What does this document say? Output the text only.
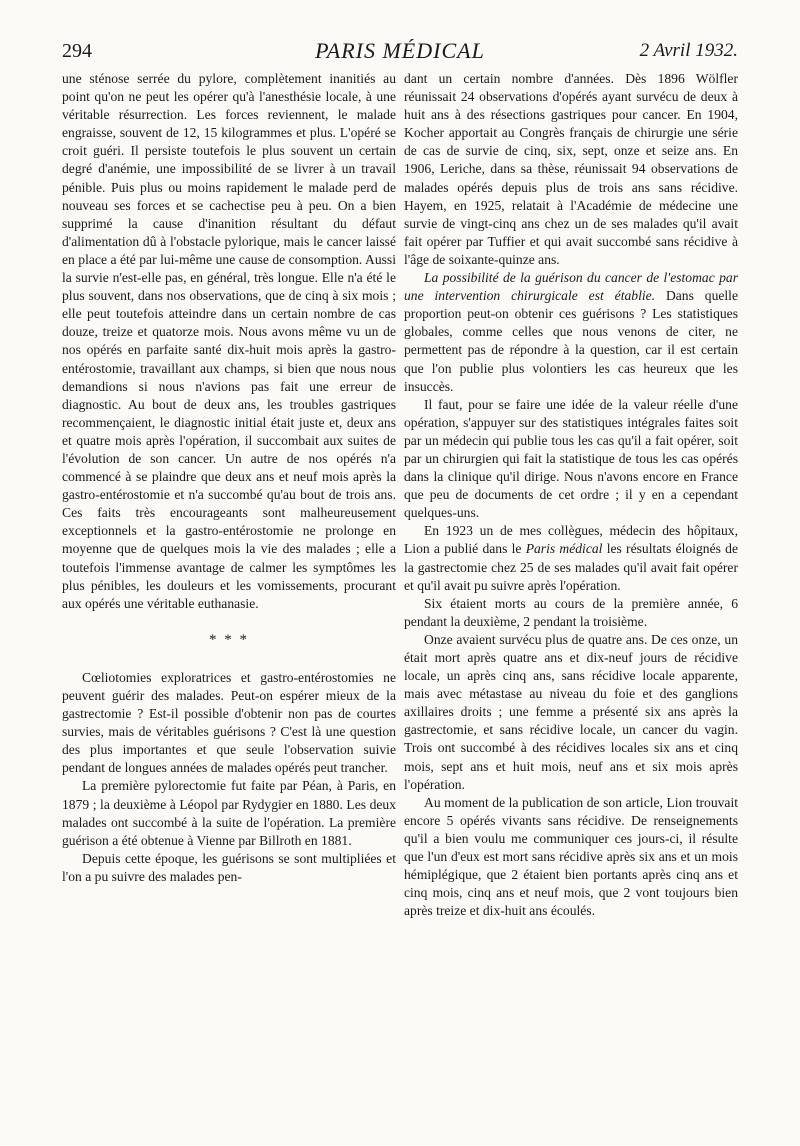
294	PARIS MÉDICAL	2 Avril 1932.

une sténose serrée du pylore, complètement inanitiés au point qu'on ne peut les opérer qu'à l'anesthésie locale, à une véritable résurrection. Les forces reviennent, le malade engraisse, souvent de 12, 15 kilogrammes et plus. L'opéré se croit guéri. Il persiste toutefois le plus souvent un certain degré d'anémie, une impossibilité de se livrer à un travail pénible. Puis plus ou moins rapidement le malade perd de nouveau ses forces et se cachectise peu à peu. On a bien supprimé la cause d'inanition résultant du défaut d'alimentation dû à l'obstacle pylorique, mais le cancer laissé en place a été par lui-même une cause de consomption. Aussi la survie n'est-elle pas, en général, très longue. Elle n'a été le plus souvent, dans nos observations, que de cinq à six mois ; elle peut toutefois atteindre dans un certain nombre de cas douze, treize et quatorze mois. Nous avons même vu un de nos opérés en parfaite santé dix-huit mois après la gastro-entérostomie, travaillant aux champs, si bien que nous nous demandions si nous n'avions pas fait une erreur de diagnostic. Au bout de deux ans, les troubles gastriques recommençaient, le diagnostic initial était juste et, deux ans et quatre mois après l'opération, il succombait aux suites de l'évolution de son cancer. Un autre de nos opérés n'a commencé à se plaindre que deux ans et neuf mois après la gastro-entérostomie et n'a succombé qu'au bout de trois ans. Ces faits très encourageants sont malheureusement exceptionnels et la gastro-entérostomie ne prolonge en moyenne que de quelques mois la vie des malades ; elle a toutefois l'immense avantage de calmer les symptômes les plus pénibles, les douleurs et les vomissements, procurant aux opérés une véritable euthanasie.

* * *

Cœliotomies exploratrices et gastro-entérostomies ne peuvent guérir des malades. Peut-on espérer mieux de la gastrectomie ? Est-il possible d'obtenir non pas de courtes survies, mais de véritables guérisons ? C'est là une question des plus importantes et que seule l'observation suivie pendant de longues années de malades opérés peut trancher.

La première pylorectomie fut faite par Péan, à Paris, en 1879 ; la deuxième à Léopol par Rydygier en 1880. Les deux malades ont succombé à la suite de l'opération. La première guérison a été obtenue à Vienne par Billroth en 1881.

Depuis cette époque, les guérisons se sont multipliées et l'on a pu suivre des malades pen-

dant un certain nombre d'années. Dès 1896 Wölfler réunissait 24 observations d'opérés ayant survécu de deux à huit ans à des résections gastriques pour cancer. En 1904, Kocher apportait au Congrès français de chirurgie une série de cas de survie de cinq, six, sept, onze et seize ans. En 1906, Leriche, dans sa thèse, réunissait 94 observations de malades opérés depuis plus de trois ans sans récidive. Hayem, en 1925, relatait à l'Académie de médecine une survie de vingt-cinq ans chez un de ses malades qu'il avait fait opérer par Tuffier et qui avait succombé sans récidive à l'âge de soixante-quinze ans.

La possibilité de la guérison du cancer de l'estomac par une intervention chirurgicale est établie. Dans quelle proportion peut-on obtenir ces guérisons ? Les statistiques globales, comme celles que nous venons de citer, ne permettent pas de répondre à la question, car il est certain que l'on publie plus volontiers les cas heureux que les insuccès.

Il faut, pour se faire une idée de la valeur réelle d'une opération, s'appuyer sur des statistiques intégrales faites soit par un médecin qui publie tous les cas qu'il a fait opérer, soit par un chirurgien qui fait la statistique de tous les cas opérés dans la clinique qu'il dirige. Nous n'avons encore en France que peu de documents de cet ordre ; il y en a cependant quelques-uns.

En 1923 un de mes collègues, médecin des hôpitaux, Lion a publié dans le Paris médical les résultats éloignés de la gastrectomie chez 25 de ses malades qu'il avait fait opérer et qu'il avait pu suivre après l'opération.

Six étaient morts au cours de la première année, 6 pendant la deuxième, 2 pendant la troisième.

Onze avaient survécu plus de quatre ans. De ces onze, un était mort après quatre ans et dix-neuf jours de récidive locale, un après cinq ans, sans récidive locale apparente, mais avec métastase au niveau du foie et des ganglions axillaires droits ; une femme a présenté six ans après la gastrectomie, et sans récidive locale, un cancer du vagin. Trois ont succombé à des récidives locales six ans et cinq mois, sept ans et huit mois, neuf ans et six mois après l'opération.

Au moment de la publication de son article, Lion trouvait encore 5 opérés vivants sans récidive. De renseignements qu'il a bien voulu me communiquer ces jours-ci, il résulte que l'un d'eux est mort sans récidive après six ans et un mois hémiplégique, que 2 étaient bien portants après cinq ans et cinq mois, cinq ans et neuf mois, que 2 vont toujours bien après treize et dix-huit ans écoulés.
